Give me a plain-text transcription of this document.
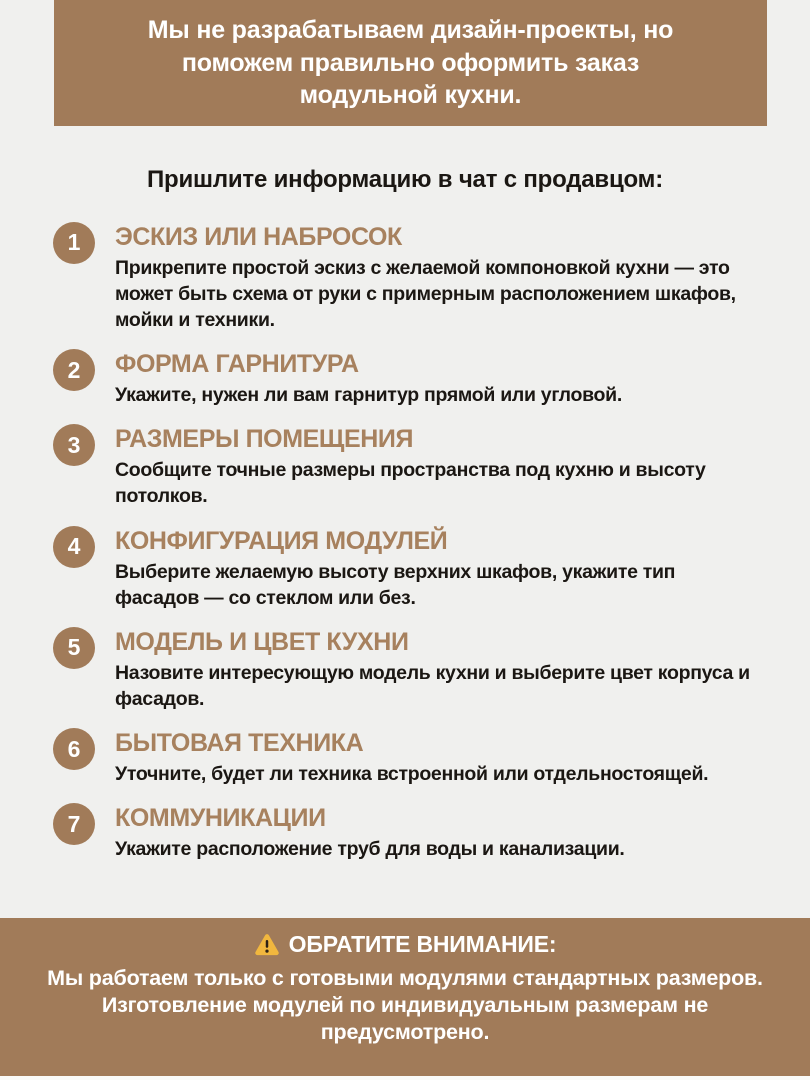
Мы не разрабатываем дизайн-проекты, но поможем правильно оформить заказ модульной кухни.
Пришлите информацию в чат с продавцом:
1	ЭСКИЗ ИЛИ НАБРОСОК
Прикрепите простой эскиз с желаемой компоновкой кухни — это может быть схема от руки с примерным расположением шкафов, мойки и техники.
2	ФОРМА ГАРНИТУРА
Укажите, нужен ли вам гарнитур прямой или угловой.
3	РАЗМЕРЫ ПОМЕЩЕНИЯ
Сообщите точные размеры пространства под кухню и высоту потолков.
4	КОНФИГУРАЦИЯ МОДУЛЕЙ
Выберите желаемую высоту верхних шкафов, укажите тип фасадов — со стеклом или без.
5	МОДЕЛЬ И ЦВЕТ КУХНИ
Назовите интересующую модель кухни и выберите цвет корпуса и фасадов.
6	БЫТОВАЯ ТЕХНИКА
Уточните, будет ли техника встроенной или отдельностоящей.
7	КОММУНИКАЦИИ
Укажите расположение труб для воды и канализации.
ОБРАТИТЕ ВНИМАНИЕ:
Мы работаем только с готовыми модулями стандартных размеров. Изготовление модулей по индивидуальным размерам не предусмотрено.
